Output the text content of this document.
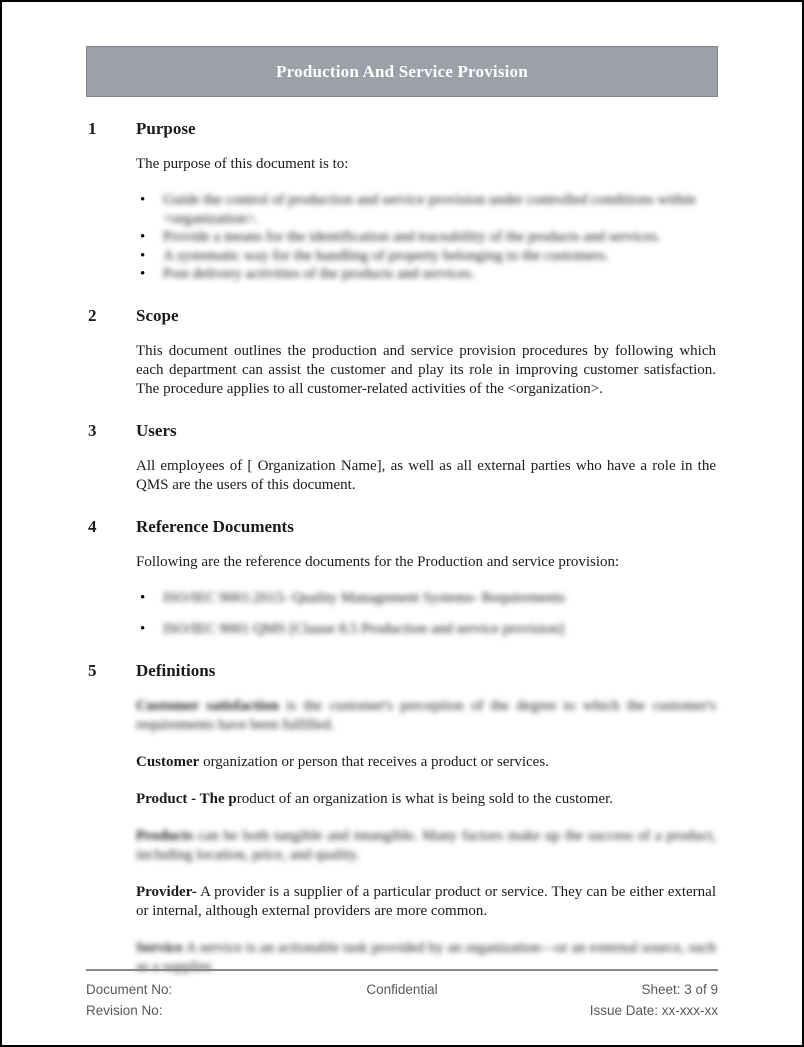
Production And Service Provision
1	Purpose

The purpose of this document is to:

• Guide the control of production and service provision under controlled conditions within <organization>.
• Provide a means for the identification and traceability of the products and services.
• A systematic way for the handling of property belonging to the customers.
• Post delivery activities of the products and services.
2	Scope

This document outlines the production and service provision procedures by following which each department can assist the customer and play its role in improving customer satisfaction. The procedure applies to all customer-related activities of the <organization>.

3	Users

All employees of [ Organization Name], as well as all external parties who have a role in the QMS are the users of this document.

4	Reference Documents

Following are the reference documents for the Production and service provision:

• ISO/IEC 9001:2015- Quality Management Systems- Requirements
• ISO/IEC 9001 QMS [Clause 8.5 Production and service provision]
5	Definitions

Customer satisfaction is the customer's perception of the degree to which the customer's requirements have been fulfilled.

Customer organization or person that receives a product or services.

Product - The product of an organization is what is being sold to the customer.

Products can be both tangible and intangible. Many factors make up the success of a product, including location, price, and quality.

Provider- A provider is a supplier of a particular product or service. They can be either external or internal, although external providers are more common.

Service A service is an actionable task provided by an organization—or an external source, such as a supplier.

Document No:	Confidential	Sheet: 3 of 9
Revision No:	Issue Date: xx-xxx-xx
